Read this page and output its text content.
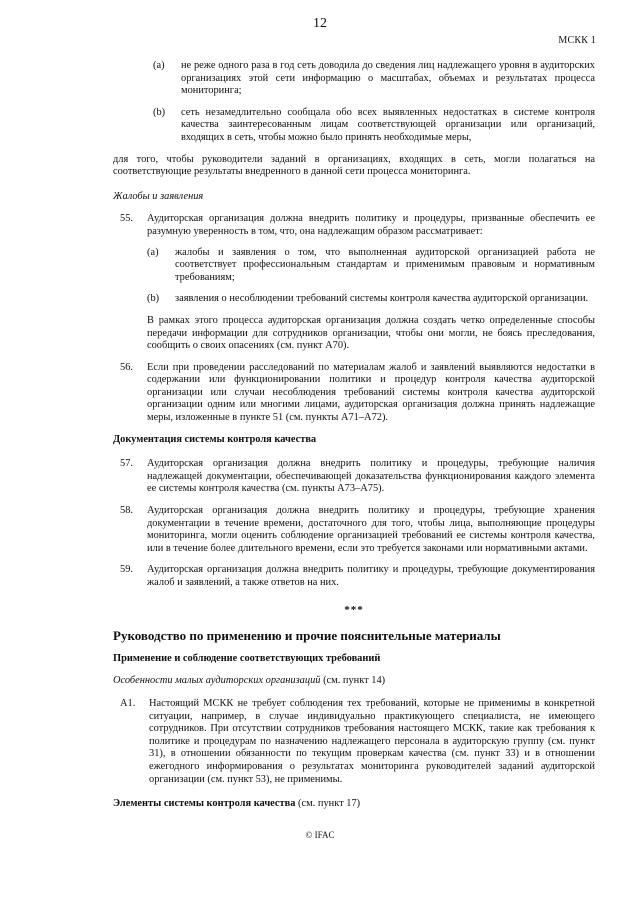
12
МСКК 1
(a)	не реже одного раза в год сеть доводила до сведения лиц надлежащего уровня в аудиторских организациях этой сети информацию о масштабах, объемах и результатах процесса мониторинга;
(b)	сеть незамедлительно сообщала обо всех выявленных недостатках в системе контроля качества заинтересованным лицам соответствующей организации или организаций, входящих в сеть, чтобы можно было принять необходимые меры,

для того, чтобы руководители заданий в организациях, входящих в сеть, могли полагаться на соответствующие результаты внедренного в данной сети процесса мониторинга.

Жалобы и заявления

55.	Аудиторская организация должна внедрить политику и процедуры, призванные обеспечить ее разумную уверенность в том, что, она надлежащим образом рассматривает:

(a)	жалобы и заявления о том, что выполненная аудиторской организацией работа не соответствует профессиональным стандартам и применимым правовым и нормативным требованиям;
(b)	заявления о несоблюдении требований системы контроля качества аудиторской организации.

В рамках этого процесса аудиторская организация должна создать четко определенные способы передачи информации для сотрудников организации, чтобы они могли, не боясь преследования, сообщить о своих опасениях (см. пункт А70).

56.	Если при проведении расследований по материалам жалоб и заявлений выявляются недостатки в содержании или функционировании политики и процедур контроля качества аудиторской организации или случаи несоблюдения требований системы контроля качества аудиторской организации одним или многими лицами, аудиторская организация должна принять надлежащие меры, изложенные в пункте 51 (см. пункты А71–А72).

Документация системы контроля качества

57.	Аудиторская организация должна внедрить политику и процедуры, требующие наличия надлежащей документации, обеспечивающей доказательства функционирования каждого элемента ее системы контроля качества (см. пункты А73–А75).

58.	Аудиторская организация должна внедрить политику и процедуры, требующие хранения документации в течение времени, достаточного для того, чтобы лица, выполняющие процедуры мониторинга, могли оценить соблюдение организацией требований ее системы контроля качества, или в течение более длительного времени, если это требуется законами или нормативными актами.

59.	Аудиторская организация должна внедрить политику и процедуры, требующие документирования жалоб и заявлений, а также ответов на них.

***

Руководство по применению и прочие пояснительные материалы

Применение и соблюдение соответствующих требований

Особенности малых аудиторских организаций (см. пункт 14)

А1.	Настоящий МСКК не требует соблюдения тех требований, которые не применимы в конкретной ситуации, например, в случае индивидуально практикующего специалиста, не имеющего сотрудников. При отсутствии сотрудников требования настоящего МСКК, такие как требования к политике и процедурам по назначению надлежащего персонала в аудиторскую группу (см. пункт 31), в отношении обязанности по текущим проверкам качества (см. пункт 33) и в отношении ежегодного информирования о результатах мониторинга руководителей заданий аудиторской организации (см. пункт 53), не применимы.

Элементы системы контроля качества (см. пункт 17)

© IFAC
